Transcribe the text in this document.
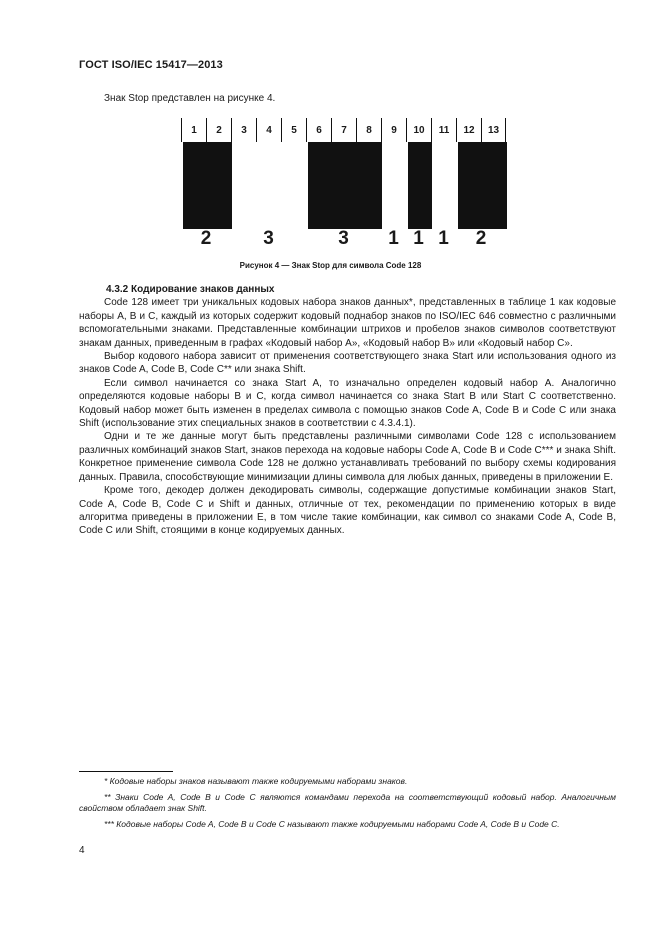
ГОСТ ISO/IEC 15417—2013
Знак Stop представлен на рисунке 4.
1	2	3	4	5	6	7	8	9	10	11	12	13
2	3	3	1 1 1	2
Рисунок 4 — Знак Stop для символа Code 128

4.3.2 Кодирование знаков данных

Code 128 имеет три уникальных кодовых набора знаков данных*, представленных в таблице 1 как кодовые наборы А, В и С, каждый из которых содержит кодовый поднабор знаков по ISO/IEC 646 совместно с различными вспомогательными знаками. Представленные комбинации штрихов и пробелов знаков символов соответствуют знакам данных, приведенным в графах «Кодовый набор А», «Кодовый набор В» или «Кодовый набор С».

Выбор кодового набора зависит от применения соответствующего знака Start или использования одного из знаков Code A, Code B, Code C** или знака Shift.

Если символ начинается со знака Start A, то изначально определен кодовый набор А. Аналогично определяются кодовые наборы В и С, когда символ начинается со знака Start B или Start C соответственно. Кодовый набор может быть изменен в пределах символа с помощью знаков Code A, Code B и Code C или знака Shift (использование этих специальных знаков в соответствии с 4.3.4.1).

Одни и те же данные могут быть представлены различными символами Code 128 с использованием различных комбинаций знаков Start, знаков перехода на кодовые наборы Code A, Code B и Code C*** и знака Shift. Конкретное применение символа Code 128 не должно устанавливать требований по выбору схемы кодирования данных. Правила, способствующие минимизации длины символа для любых данных, приведены в приложении Е.

Кроме того, декодер должен декодировать символы, содержащие допустимые комбинации знаков Start, Code A, Code B, Code C и Shift и данных, отличные от тех, рекомендации по применению которых в виде алгоритма приведены в приложении Е, в том числе такие комбинации, как символ со знаками Code A, Code B, Code C или Shift, стоящими в конце кодируемых данных.

* Кодовые наборы знаков называют также кодируемыми наборами знаков.

** Знаки Code A, Code B и Code C являются командами перехода на соответствующий кодовый набор. Аналогичным свойством обладает знак Shift.

*** Кодовые наборы Code A, Code B и Code C называют также кодируемыми наборами Code A, Code B и Code C.

4
